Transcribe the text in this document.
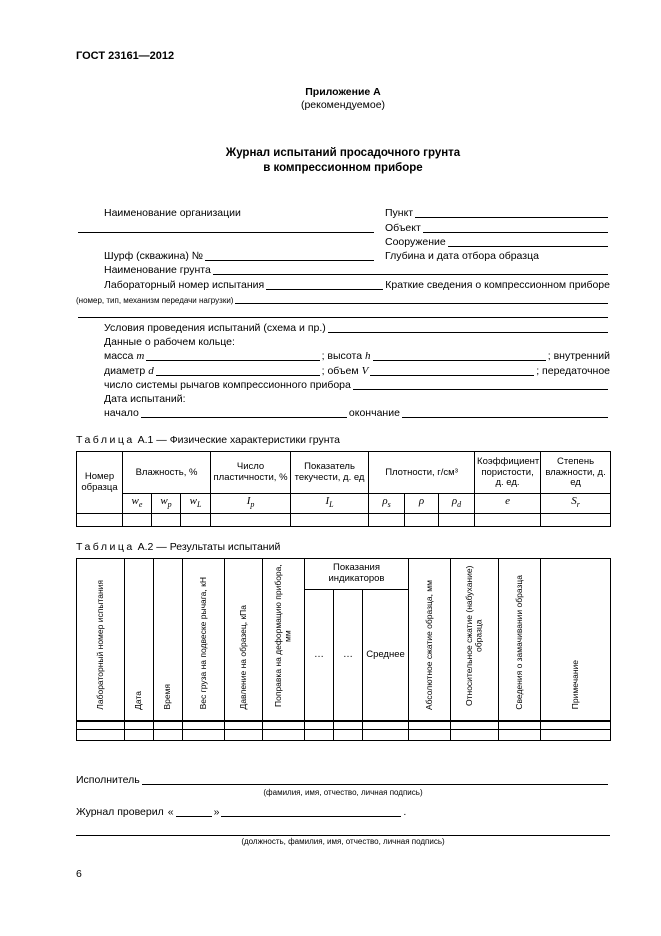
ГОСТ 23161—2012
Приложение А
(рекомендуемое)
Журнал испытаний просадочного грунта
в компрессионном приборе
Наименование организации	Пункт
Объект
Сооружение
Шурф (скважина) №	Глубина и дата отбора образца
Наименование грунта
Лабораторный номер испытания	Краткие сведения о компрессионном приборе
(номер, тип, механизм передачи нагрузки)
Условия проведения испытаний (схема и пр.)
Данные о рабочем кольце:
масса m	; высота h	; внутренний
диаметр d	; объем V	; передаточное
число системы рычагов компрессионного прибора
Дата испытаний:
начало	окончание
Таблица А.1 — Физические характеристики грунта
Номер образца	Влажность, %			Число пластичности, %	Показатель текучести, д. ед	Плотности, г/см³			Коэффициент пористости, д. ед.	Степень влажности, д. ед
	$w_e$	$w_p$	$w_L$	$I_p$	$I_L$	$\rho_s$	ρ	$\rho_d$	e	$S_r$

Таблица А.2 — Результаты испытаний
Лабораторный номер испытания	Дата	Время	Вес груза на подвеске рычага, кН	Давление на образец, кПа	Поправка на деформацию прибора, мм	Показания индикаторов			Абсолютное сжатие образца, мм	Относительное сжатие (набухание) образца	Сведения о замачивании образца	Примечание
						…	…	Среднее				

Исполнитель
(фамилия, имя, отчество, личная подпись)
Журнал проверил «	»	.
(должность, фамилия, имя, отчество, личная подпись)
6
